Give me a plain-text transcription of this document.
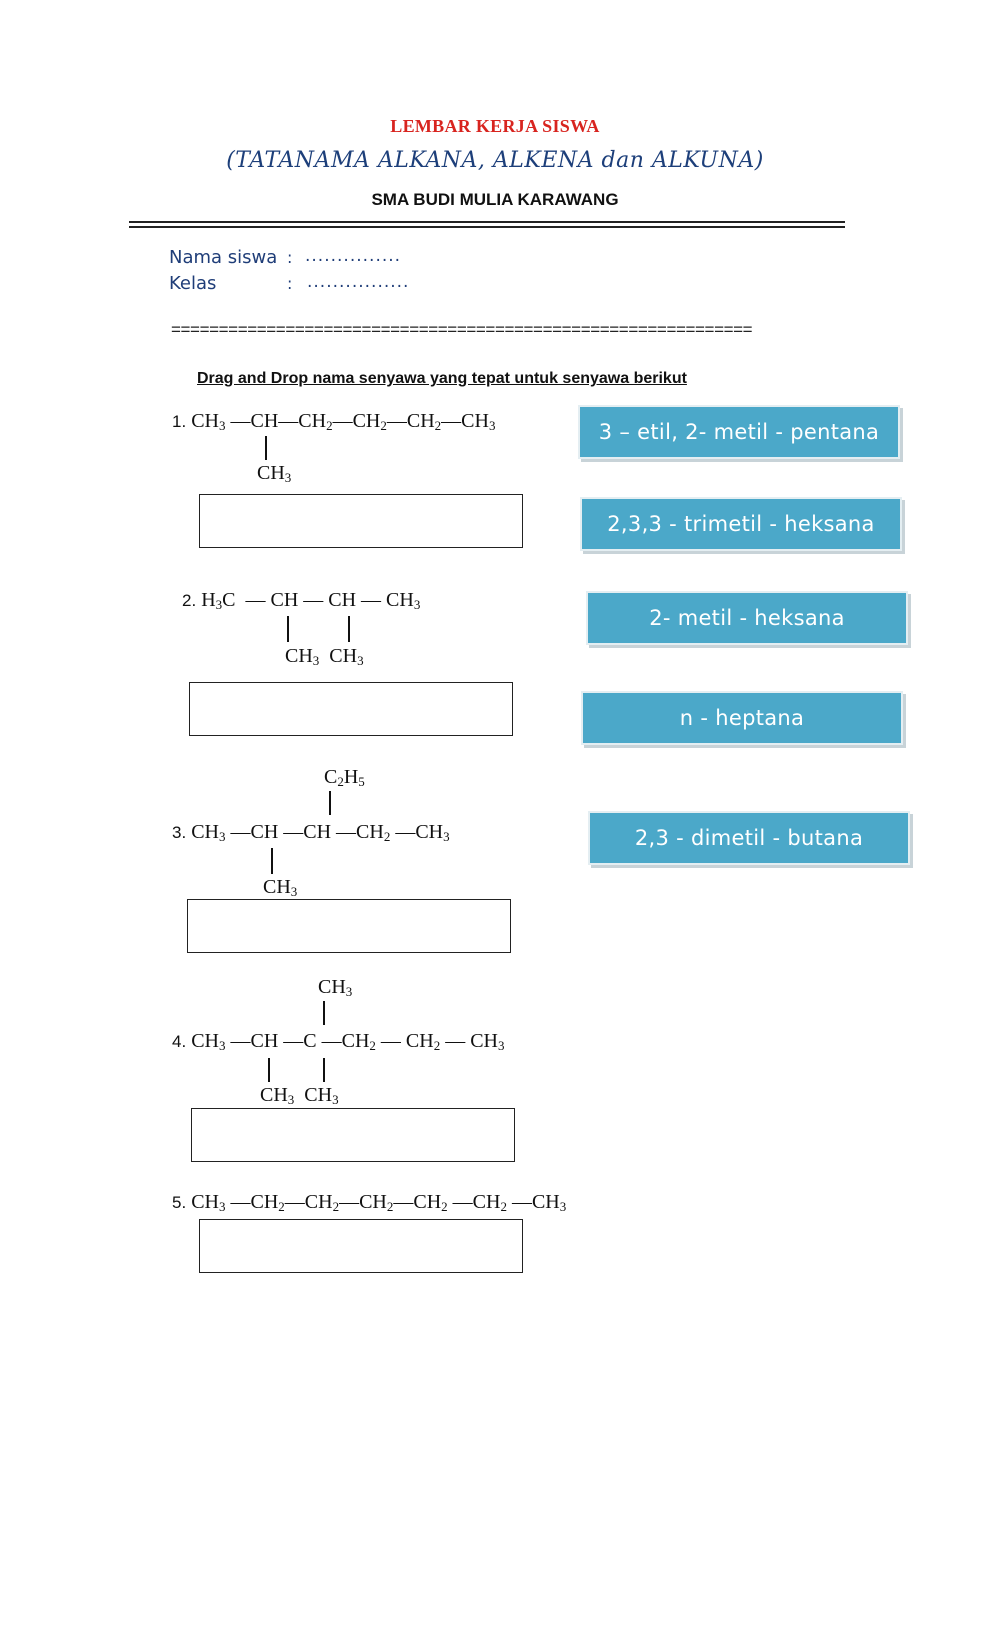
LEMBAR KERJA SISWA
(TATANAMA ALKANA, ALKENA dan ALKUNA)
SMA BUDI MULIA KARAWANG
Nama siswa : ...............
Kelas	: ................
=============================================================
Drag and Drop nama senyawa yang tepat untuk senyawa berikut
1. $CH_3$ $—CH—CH_2—CH_2—CH_2—CH_3$
$CH_3$
2. $H_3C$  — CH — CH — $CH_3$
$CH_3$  $CH_3$
$C_2H_5$
3. $CH_3$ —CH —CH $—CH_2$ $—CH_3$
$CH_3$
$CH_3$
4. $CH_3$ —CH —C $—CH_2$ — $CH_2$ — $CH_3$
$CH_3$  $CH_3$
5. $CH_3$ $—CH_2—CH_2—CH_2—CH_2$ $—CH_2$ $—CH_3$
3 – etil, 2- metil - pentana
2,3,3 - trimetil - heksana
2- metil - heksana
n - heptana
2,3 - dimetil - butana
